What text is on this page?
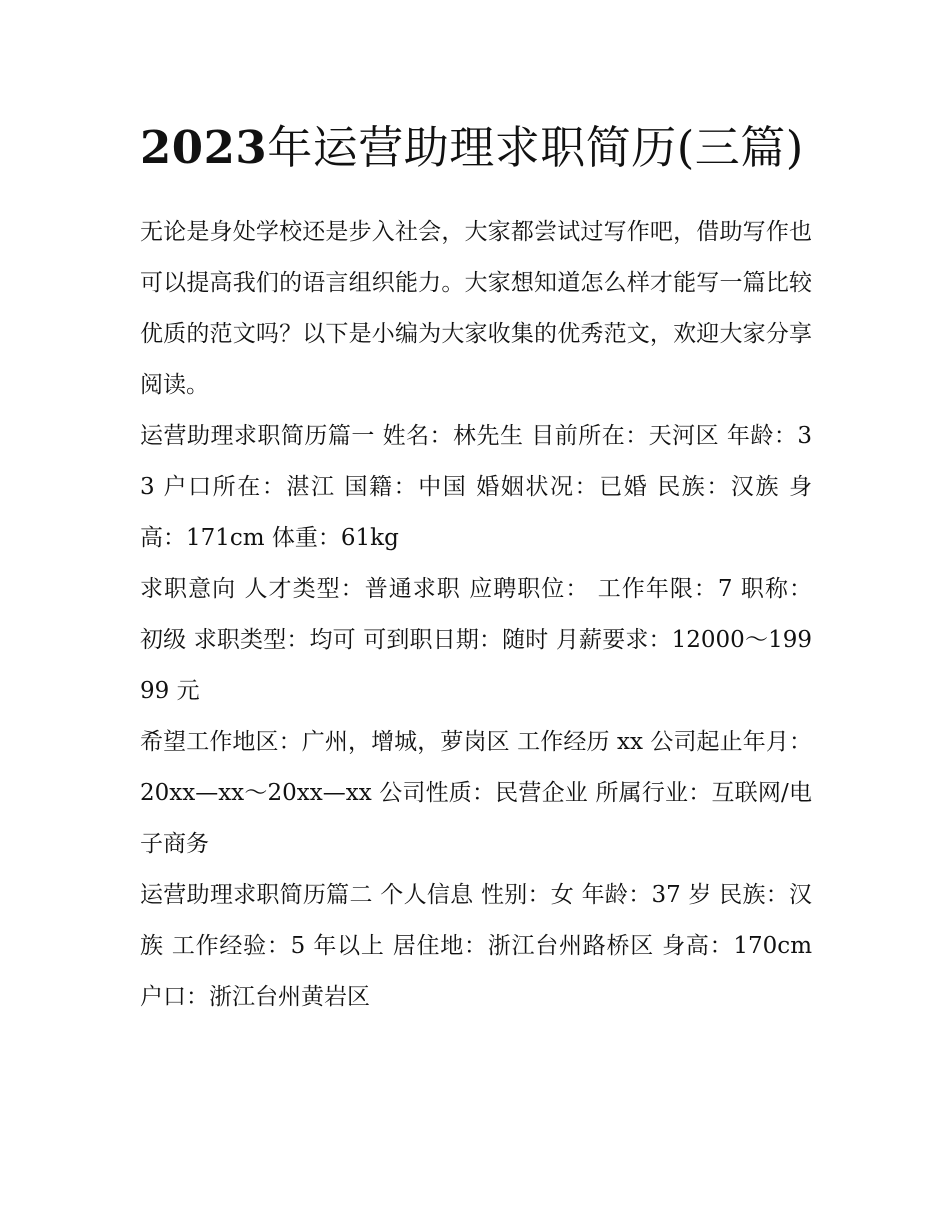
2023年运营助理求职简历(三篇)

无论是身处学校还是步入社会，大家都尝试过写作吧，借助写作也可以提高我们的语言组织能力。大家想知道怎么样才能写一篇比较优质的范文吗？以下是小编为大家收集的优秀范文，欢迎大家分享阅读。

运营助理求职简历篇一 姓名：林先生 目前所在：天河区 年龄：33 户口所在：湛江 国籍：中国 婚姻状况：已婚 民族：汉族 身高：171cm 体重：61kg

求职意向 人才类型：普通求职 应聘职位： 工作年限：7 职称： 初级 求职类型：均可 可到职日期：随时 月薪要求：12000～19999 元

希望工作地区：广州，增城，萝岗区 工作经历 xx 公司起止年月：20xx—xx～20xx—xx 公司性质：民营企业 所属行业：互联网/电子商务

运营助理求职简历篇二 个人信息 性别：女 年龄：37 岁 民族：汉族 工作经验：5 年以上 居住地：浙江台州路桥区 身高：170cm 户口：浙江台州黄岩区
